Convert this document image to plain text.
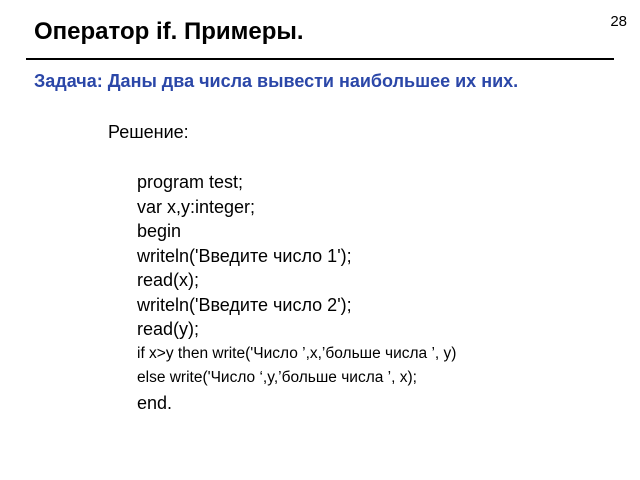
Оператор if. Примеры.	28
Задача: Даны два числа вывести наибольшее их них.
Решение:
program test;
var x,y:integer;
begin
writeln('Введите число 1');
read(x);
writeln('Введите число 2');
read(y);
if x>y then write('Число ’,x,’больше числа ’, y)
else write('Число ‘,y,’больше числа ’, x);
end.
